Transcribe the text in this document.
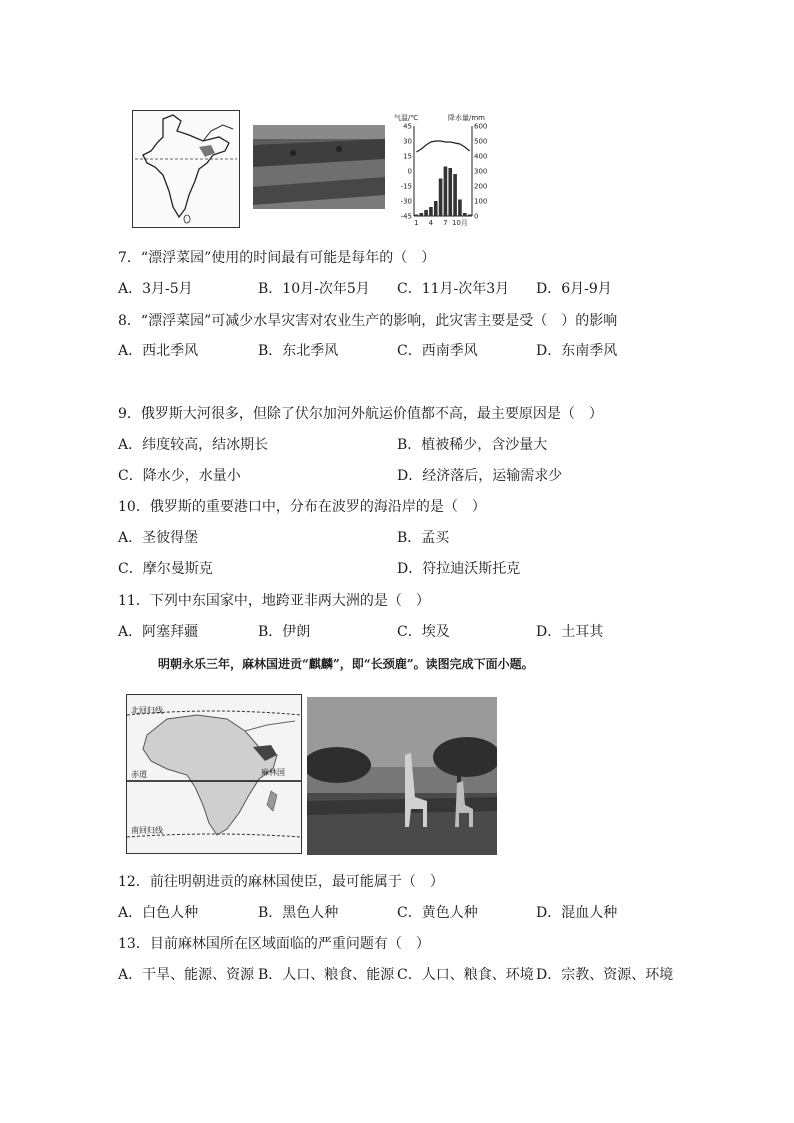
气温/℃	降水量/mm
45
30
15
0
-15
-30
-45
600
500
400
300
200
100
0
1 4 7 10月
7．“漂浮菜园”使用的时间最有可能是每年的（　）
A．3月-5月	B．10月-次年5月 C．11月-次年3月 D．6月-9月
8．“漂浮菜园”可减少水旱灾害对农业生产的影响，此灾害主要是受（　）的影响
A．西北季风	B．东北季风	C．西南季风	D．东南季风
9．俄罗斯大河很多，但除了伏尔加河外航运价值都不高，最主要原因是（　）
A．纬度较高，结冰期长	B．植被稀少，含沙量大
C．降水少，水量小	D．经济落后，运输需求少
10．俄罗斯的重要港口中，分布在波罗的海沿岸的是（　）
A．圣彼得堡	B．孟买
C．摩尔曼斯克	D．符拉迪沃斯托克
11．下列中东国家中，地跨亚非两大洲的是（　）
A．阿塞拜疆	B．伊朗	C．埃及	D．土耳其
明朝永乐三年，麻林国进贡“麒麟”，即“长颈鹿”。读图完成下面小题。
北回归线
赤道
南回归线
麻林国
12．前往明朝进贡的麻林国使臣，最可能属于（　）
A．白色人种	B．黑色人种	C．黄色人种	D．混血人种
13．目前麻林国所在区域面临的严重问题有（　）
A．干旱、能源、资源 B．人口、粮食、能源 C．人口、粮食、环境 D．宗教、资源、环境
